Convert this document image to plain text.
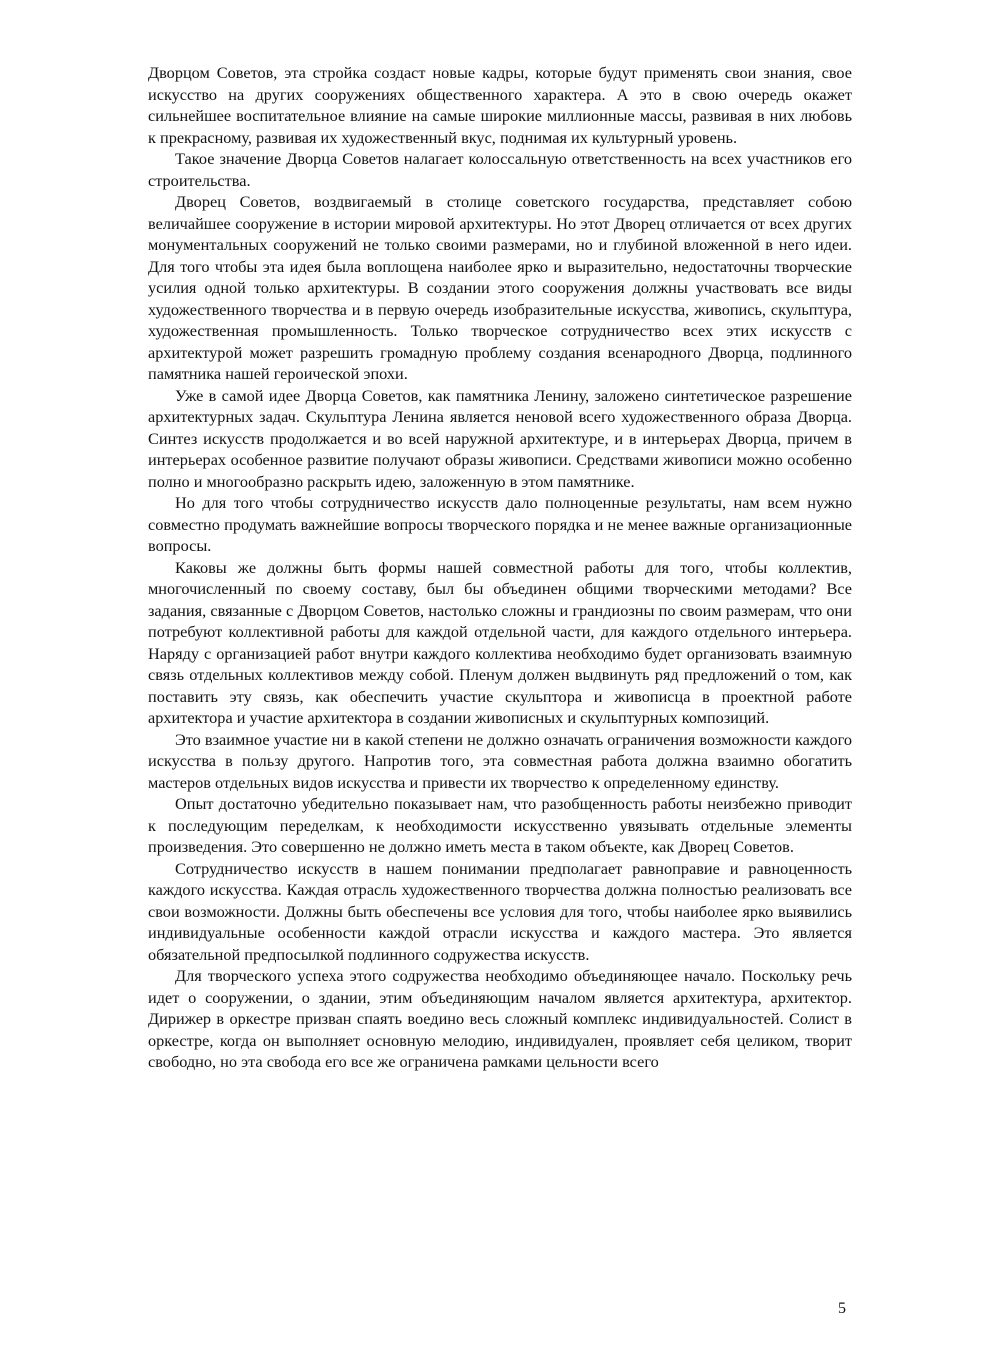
Дворцом Советов, эта стройка создаст новые кадры, которые будут применять свои знания, свое искусство на других сооружениях общественного характера. А это в свою очередь окажет сильнейшее воспитательное влияние на самые широкие миллионные массы, развивая в них любовь к прекрасному, развивая их художественный вкус, поднимая их культурный уровень.

Такое значение Дворца Советов налагает колоссальную ответственность на всех участников его строительства.

Дворец Советов, воздвигаемый в столице советского государства, представляет собою величайшее сооружение в истории мировой архитектуры. Но этот Дворец отличается от всех других монументальных сооружений не только своими размерами, но и глубиной вложенной в него идеи. Для того чтобы эта идея была воплощена наиболее ярко и выразительно, недостаточны творческие усилия одной только архитектуры. В создании этого сооружения должны участвовать все виды художественного творчества и в первую очередь изобразительные искусства, живопись, скульптура, художественная промышленность. Только творческое сотрудничество всех этих искусств с архитектурой может разрешить громадную проблему создания всенародного Дворца, подлинного памятника нашей героической эпохи.

Уже в самой идее Дворца Советов, как памятника Ленину, заложено синтетическое разрешение архитектурных задач. Скульптура Ленина является неновой всего художественного образа Дворца. Синтез искусств продолжается и во всей наружной архитектуре, и в интерьерах Дворца, причем в интерьерах особенное развитие получают образы живописи. Средствами живописи можно особенно полно и многообразно раскрыть идею, заложенную в этом памятнике.

Но для того чтобы сотрудничество искусств дало полноценные результаты, нам всем нужно совместно продумать важнейшие вопросы творческого порядка и не менее важные организационные вопросы.

Каковы же должны быть формы нашей совместной работы для того, чтобы коллектив, многочисленный по своему составу, был бы объединен общими творческими методами? Все задания, связанные с Дворцом Советов, настолько сложны и грандиозны по своим размерам, что они потребуют коллективной работы для каждой отдельной части, для каждого отдельного интерьера. Наряду с организацией работ внутри каждого коллектива необходимо будет организовать взаимную связь отдельных коллективов между собой. Пленум должен выдвинуть ряд предложений о том, как поставить эту связь, как обеспечить участие скульптора и живописца в проектной работе архитектора и участие архитектора в создании живописных и скульптурных композиций.

Это взаимное участие ни в какой степени не должно означать ограничения возможности каждого искусства в пользу другого. Напротив того, эта совместная работа должна взаимно обогатить мастеров отдельных видов искусства и привести их творчество к определенному единству.

Опыт достаточно убедительно показывает нам, что разобщенность работы неизбежно приводит к последующим переделкам, к необходимости искусственно увязывать отдельные элементы произведения. Это совершенно не должно иметь места в таком объекте, как Дворец Советов.

Сотрудничество искусств в нашем понимании предполагает равноправие и равноценность каждого искусства. Каждая отрасль художественного творчества должна полностью реализовать все свои возможности. Должны быть обеспечены все условия для того, чтобы наиболее ярко выявились индивидуальные особенности каждой отрасли искусства и каждого мастера. Это является обязательной предпосылкой подлинного содружества искусств.

Для творческого успеха этого содружества необходимо объединяющее начало. Поскольку речь идет о сооружении, о здании, этим объединяющим началом является архитектура, архитектор. Дирижер в оркестре призван спаять воедино весь сложный комплекс индивидуальностей. Солист в оркестре, когда он выполняет основную мелодию, индивидуален, проявляет себя целиком, творит свободно, но эта свобода его все же ограничена рамками цельности всего

5
